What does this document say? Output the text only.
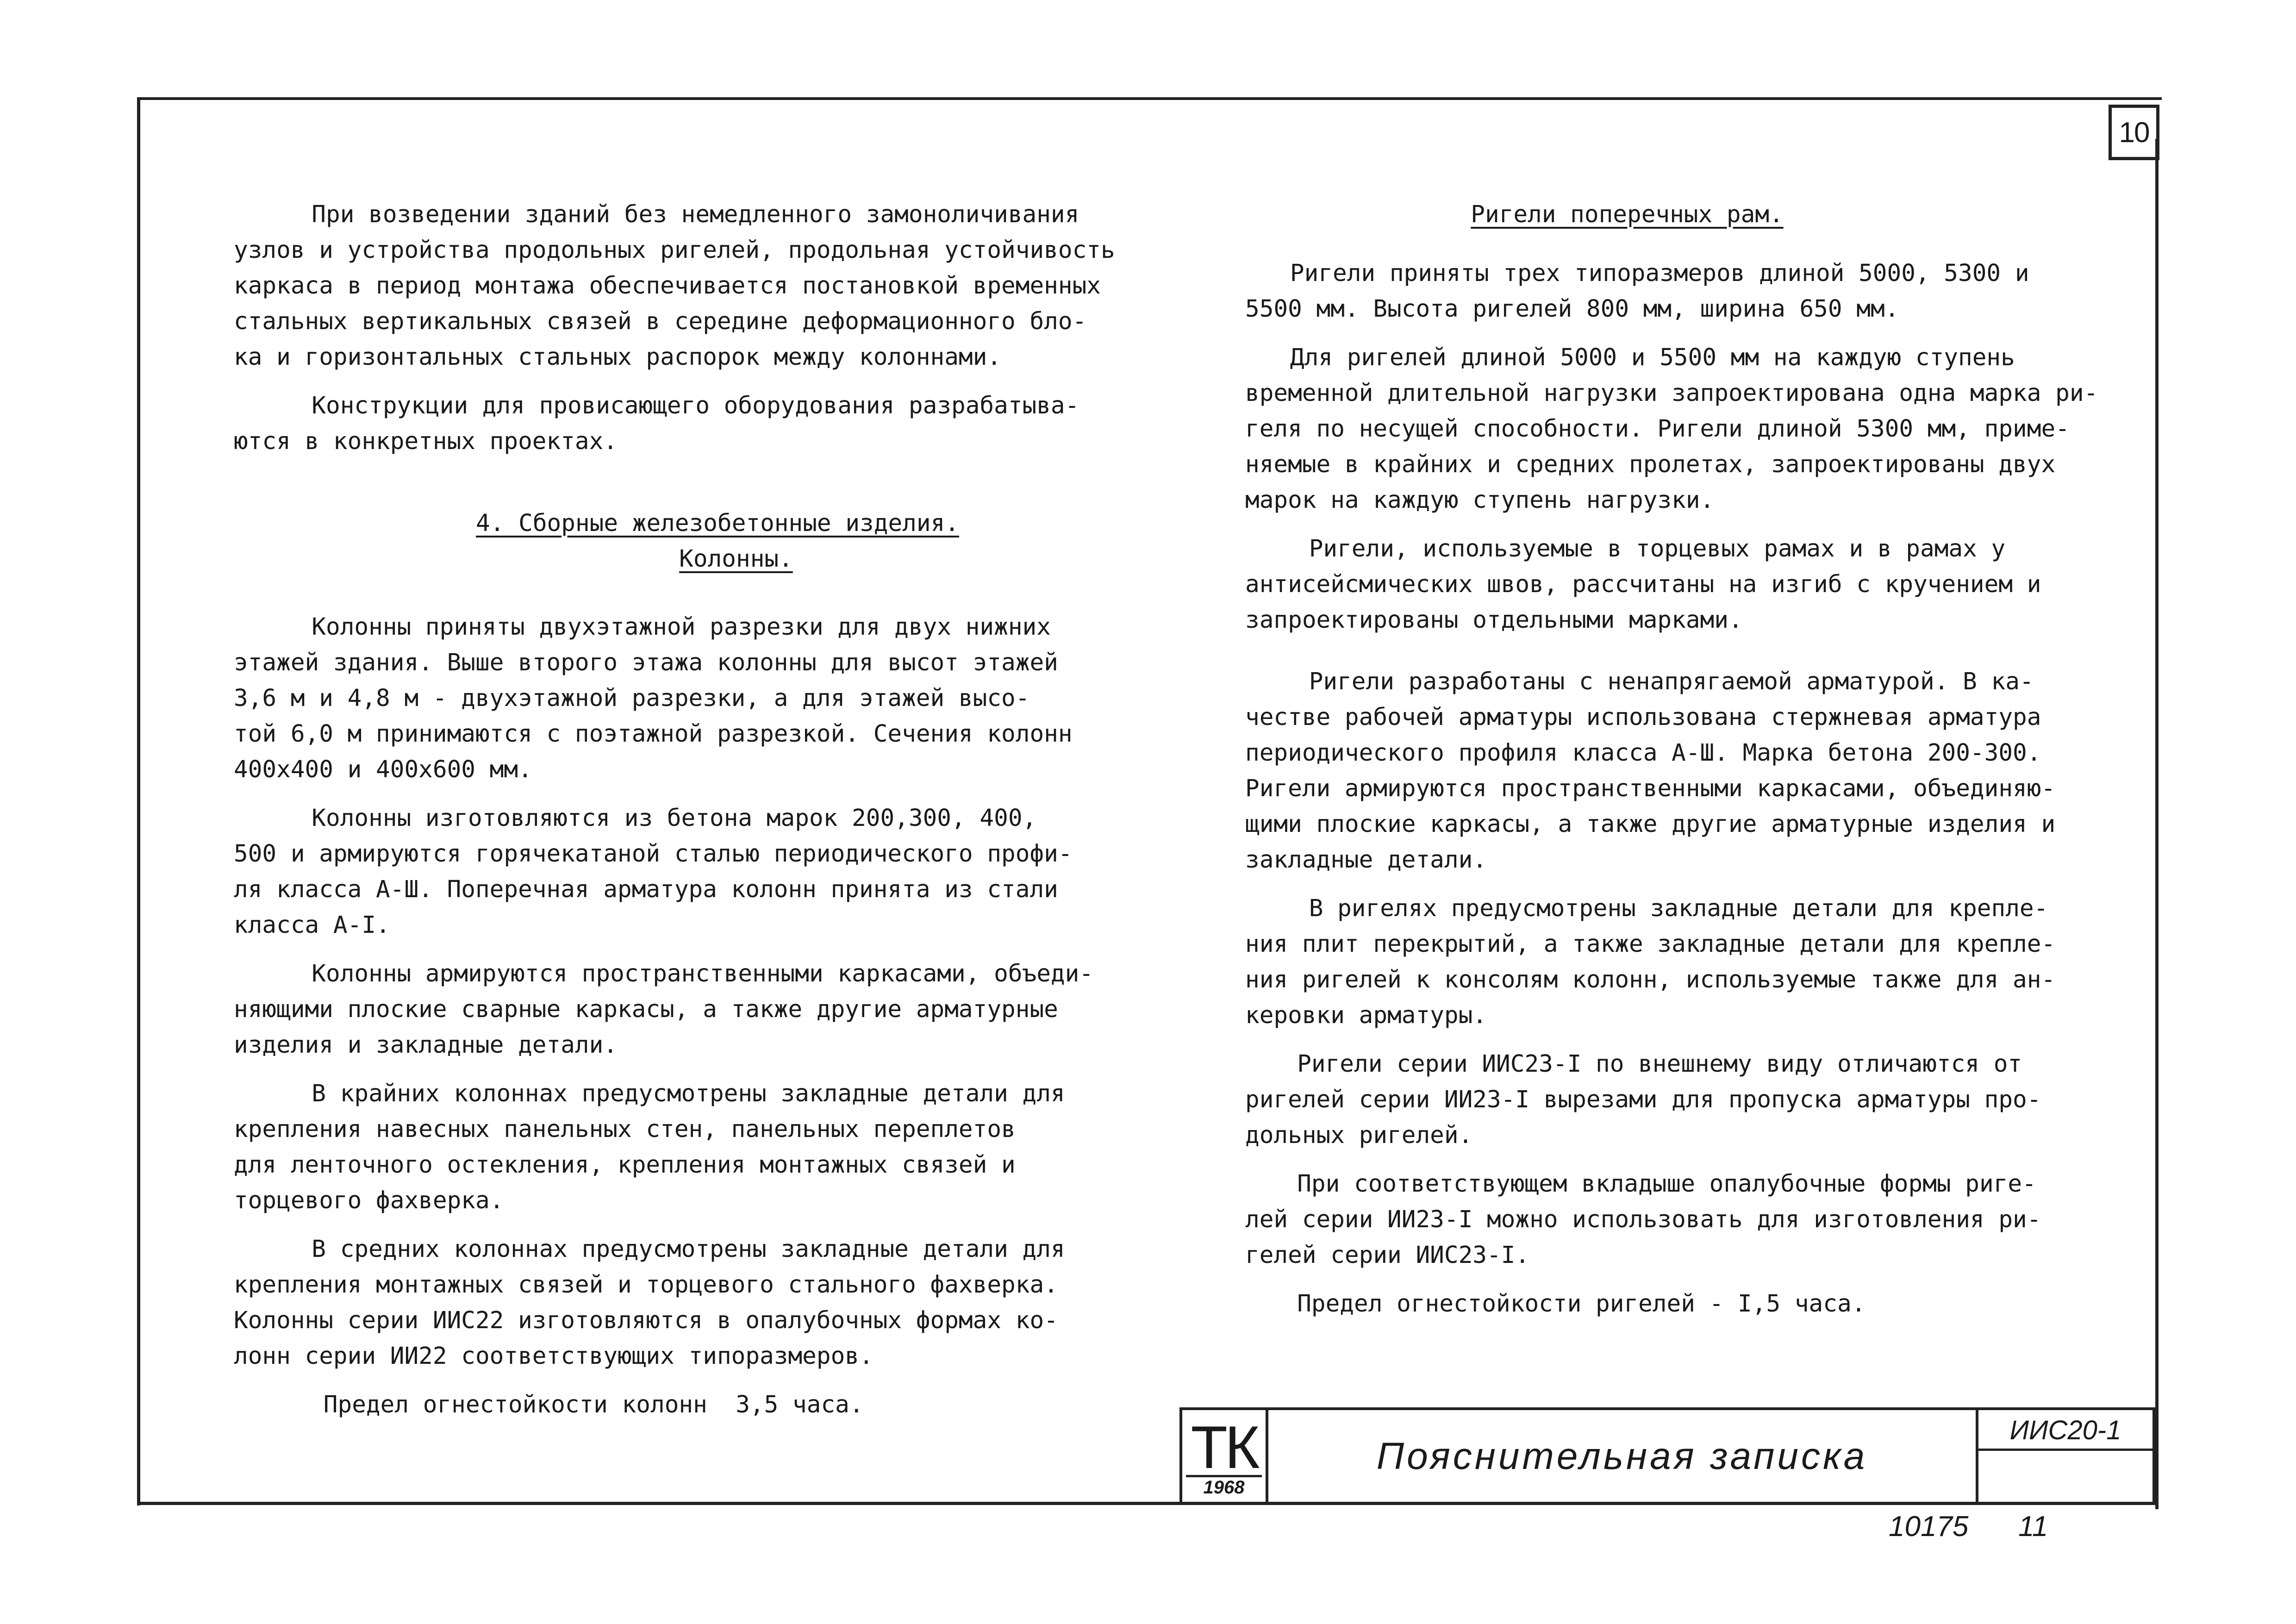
10

При возведении зданий без немедленного замоноличивания

узлов и устройства продольных ригелей, продольная устойчивость

каркаса в период монтажа обеспечивается постановкой временных

стальных вертикальных связей в середине деформационного бло-

ка и горизонтальных стальных распорок между колоннами.

Конструкции для провисающего оборудования разрабатыва-

ются в конкретных проектах.

4. Сборные железобетонные изделия.

Колонны.

Колонны приняты двухэтажной разрезки для двух нижних

этажей здания. Выше второго этажа колонны для высот этажей

3,6 м и 4,8 м - двухэтажной разрезки, а для этажей высо-

той 6,0 м принимаются с поэтажной разрезкой. Сечения колонн

400х400 и 400х600 мм.

Колонны изготовляются из бетона марок 200,300, 400,

500 и армируются горячекатаной сталью периодического профи-

ля класса А-Ш. Поперечная арматура колонн принята из стали

класса А-I.

Колонны армируются пространственными каркасами, объеди-

няющими плоские сварные каркасы, а также другие арматурные

изделия и закладные детали.

В крайних колоннах предусмотрены закладные детали для

крепления навесных панельных стен, панельных переплетов

для ленточного остекления, крепления монтажных связей и

торцевого фахверка.

В средних колоннах предусмотрены закладные детали для

крепления монтажных связей и торцевого стального фахверка.

Колонны серии ИИС22 изготовляются в опалубочных формах ко-

лонн серии ИИ22 соответствующих типоразмеров.

Предел огнестойкости колонн  3,5 часа.

Ригели поперечных рам.

Ригели приняты трех типоразмеров длиной 5000, 5300 и

5500 мм. Высота ригелей 800 мм, ширина 650 мм.

Для ригелей длиной 5000 и 5500 мм на каждую ступень

временной длительной нагрузки запроектирована одна марка ри-

геля по несущей способности. Ригели длиной 5300 мм, приме-

няемые в крайних и средних пролетах, запроектированы двух

марок на каждую ступень нагрузки.

Ригели, используемые в торцевых рамах и в рамах у

антисейсмических швов, рассчитаны на изгиб с кручением и

запроектированы отдельными марками.

Ригели разработаны с ненапрягаемой арматурой. В ка-

честве рабочей арматуры использована стержневая арматура

периодического профиля класса А-Ш. Марка бетона 200-300.

Ригели армируются пространственными каркасами, объединяю-

щими плоские каркасы, а также другие арматурные изделия и

закладные детали.

В ригелях предусмотрены закладные детали для крепле-

ния плит перекрытий, а также закладные детали для крепле-

ния ригелей к консолям колонн, используемые также для ан-

керовки арматуры.

Ригели серии ИИС23-I по внешнему виду отличаются от

ригелей серии ИИ23-I вырезами для пропуска арматуры про-

дольных ригелей.

При соответствующем вкладыше опалубочные формы риге-

лей серии ИИ23-I можно использовать для изготовления ри-

гелей серии ИИС23-I.

Предел огнестойкости ригелей - I,5 часа.

ТК
1968
Пояснительная записка
ИИС20-1
10175 11
